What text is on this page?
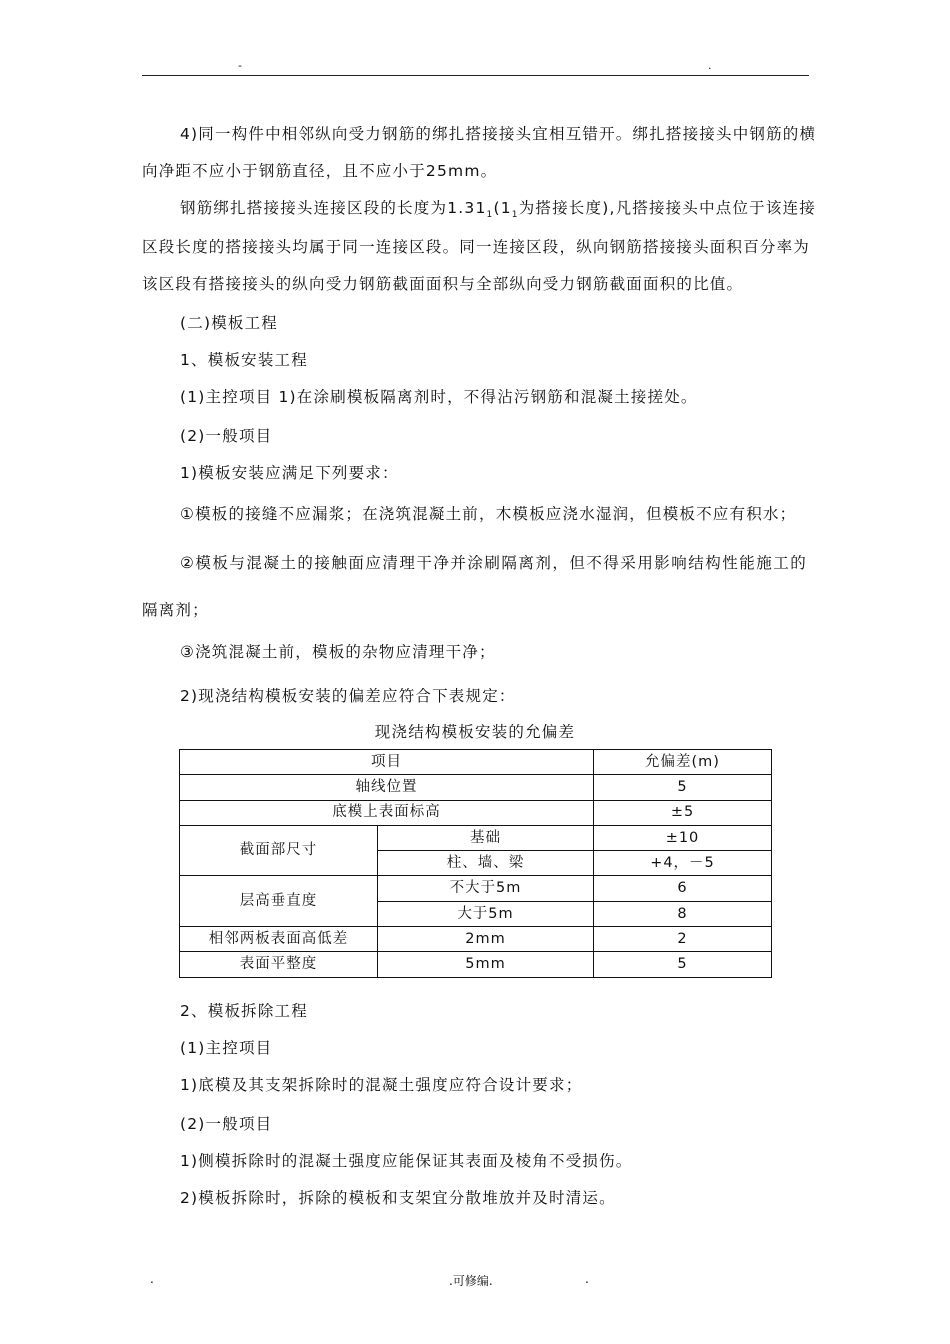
-	.
4)同一构件中相邻纵向受力钢筋的绑扎搭接接头宜相互错开。绑扎搭接接头中钢筋的横
向净距不应小于钢筋直径，且不应小于25mm。
钢筋绑扎搭接接头连接区段的长度为$1.31_1(1_1$为搭接长度),凡搭接接头中点位于该连接
区段长度的搭接接头均属于同一连接区段。同一连接区段，纵向钢筋搭接接头面积百分率为
该区段有搭接接头的纵向受力钢筋截面面积与全部纵向受力钢筋截面面积的比值。
(二)模板工程
1、模板安装工程
(1)主控项目 1)在涂刷模板隔离剂时，不得沾污钢筋和混凝土接搓处。
(2)一般项目
1)模板安装应满足下列要求：
①模板的接缝不应漏浆；在浇筑混凝土前，木模板应浇水湿润，但模板不应有积水；
②模板与混凝土的接触面应清理干净并涂刷隔离剂，但不得采用影响结构性能施工的
隔离剂；
③浇筑混凝土前，模板的杂物应清理干净；
2)现浇结构模板安装的偏差应符合下表规定：
现浇结构模板安装的允偏差
项目		允偏差(m)
轴线位置		5
底模上表面标高		±5
截面部尺寸	基础	±10
	柱、墙、梁	+4，－5
层高垂直度	不大于5m	6
	大于5m	8
相邻两板表面高低差	2mm	2
表面平整度	5mm	5
2、模板拆除工程
(1)主控项目
1)底模及其支架拆除时的混凝土强度应符合设计要求；
(2)一般项目
1)侧模拆除时的混凝土强度应能保证其表面及棱角不受损伤。
2)模板拆除时，拆除的模板和支架宜分散堆放并及时清运。
.	.可修编.	.
